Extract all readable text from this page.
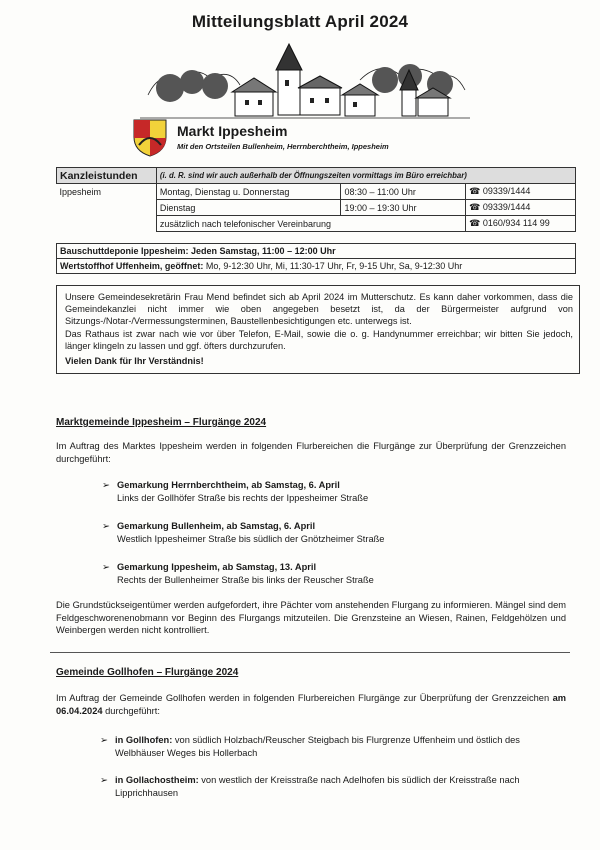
Mitteilungsblatt April 2024
Markt Ippesheim
Mit den Ortsteilen Bullenheim, Herrnberchtheim, Ippesheim
Kanzleistunden	(i. d. R. sind wir auch außerhalb der Öffnungszeiten vormittags im Büro erreichbar)		
Ippesheim	Montag, Dienstag u. Donnerstag	08:30 – 11:00 Uhr	☎ 09339/1444
	Dienstag	19:00 – 19:30 Uhr	☎ 09339/1444
	zusätzlich nach telefonischer Vereinbarung		☎ 0160/934 114 99
Bauschuttdeponie Ippesheim: Jeden Samstag, 11:00 – 12:00 Uhr
Wertstoffhof Uffenheim, geöffnet: Mo, 9-12:30 Uhr, Mi, 11:30-17 Uhr, Fr, 9-15 Uhr, Sa, 9-12:30 Uhr

Unsere Gemeindesekretärin Frau Mend befindet sich ab April 2024 im Mutterschutz. Es kann daher vorkommen, dass die Gemeindekanzlei nicht immer wie oben angegeben besetzt ist, da der Bürgermeister aufgrund von Sitzungs-/Notar-/Vermessungsterminen, Baustellenbesichtigungen etc. unterwegs ist.

Das Rathaus ist zwar nach wie vor über Telefon, E-Mail, sowie die o. g. Handynummer erreichbar; wir bitten Sie jedoch, länger klingeln zu lassen und ggf. öfters durchzurufen.

Vielen Dank für Ihr Verständnis!

Marktgemeinde Ippesheim – Flurgänge 2024
Im Auftrag des Marktes Ippesheim werden in folgenden Flurbereichen die Flurgänge zur Überprüfung der Grenzzeichen durchgeführt:
➢ Gemarkung Herrnberchtheim, ab Samstag, 6. April
Links der Gollhöfer Straße bis rechts der Ippesheimer Straße
➢ Gemarkung Bullenheim, ab Samstag, 6. April
Westlich Ippesheimer Straße bis südlich der Gnötzheimer Straße
➢ Gemarkung Ippesheim, ab Samstag, 13. April
Rechts der Bullenheimer Straße bis links der Reuscher Straße
Die Grundstückseigentümer werden aufgefordert, ihre Pächter vom anstehenden Flurgang zu informieren. Mängel sind dem Feldgeschworenenobmann vor Beginn des Flurgangs mitzuteilen. Die Grenzsteine an Wiesen, Rainen, Feldgehölzen und Weinbergen werden nicht kontrolliert.
Gemeinde Gollhofen – Flurgänge 2024
Im Auftrag der Gemeinde Gollhofen werden in folgenden Flurbereichen Flurgänge zur Überprüfung der Grenzzeichen am 06.04.2024 durchgeführt:
➢ in Gollhofen: von südlich Holzbach/Reuscher Steigbach bis Flurgrenze Uffenheim und östlich des Welbhäuser Weges bis Hollerbach
➢ in Gollachostheim: von westlich der Kreisstraße nach Adelhofen bis südlich der Kreisstraße nach Lipprichhausen
